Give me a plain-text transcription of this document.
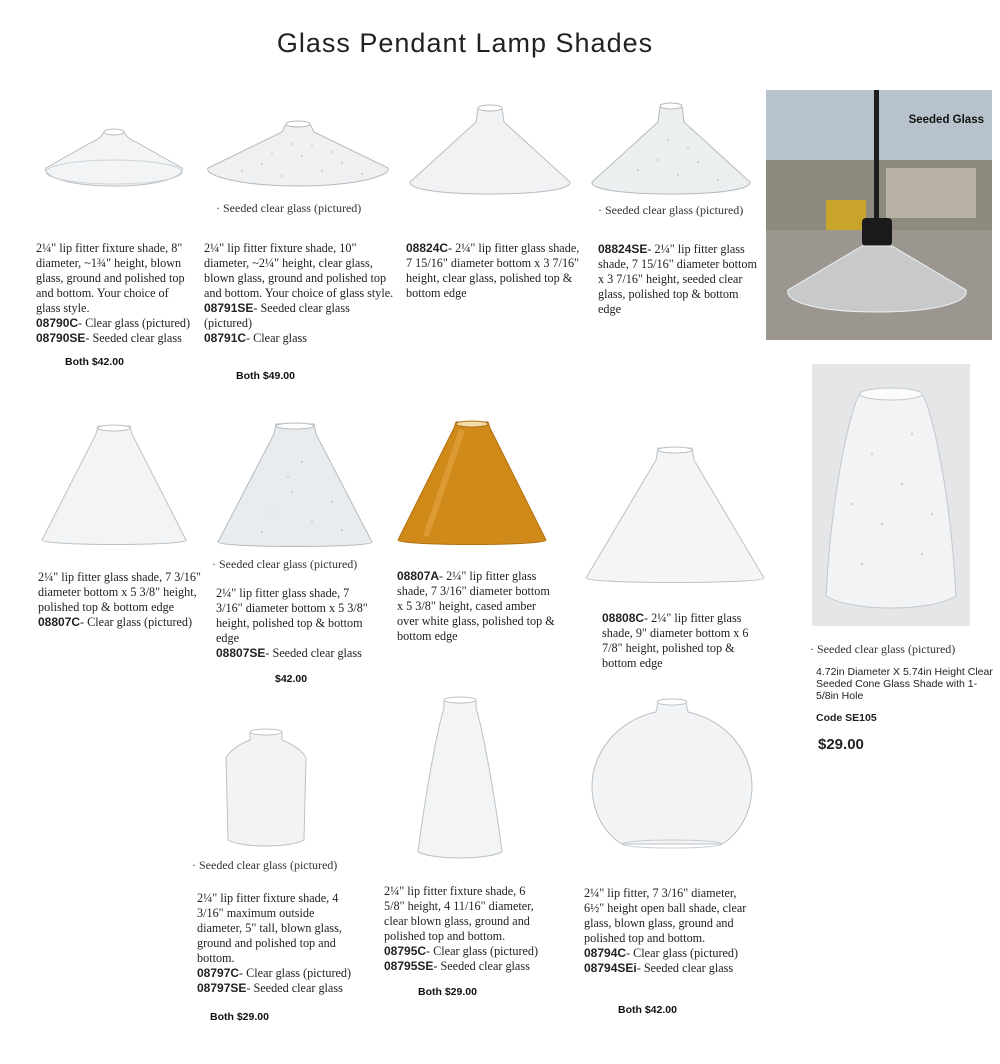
Glass Pendant Lamp Shades
2¼" lip fitter fixture shade, 8" diameter, ~1¾" height, blown glass, ground and polished top and bottom. Your choice of glass style.
08790C- Clear glass (pictured)
08790SE- Seeded clear glass
Both $42.00
· Seeded clear glass (pictured)
2¼" lip fitter fixture shade, 10" diameter, ~2¼" height, clear glass, blown glass, ground and polished top and bottom. Your choice of glass style.
08791SE- Seeded clear glass (pictured)
08791C- Clear glass
Both $49.00
08824C- 2¼" lip fitter glass shade, 7 15/16" diameter bottom x 3 7/16" height, clear glass, polished top & bottom edge
· Seeded clear glass (pictured)
08824SE- 2¼" lip fitter glass shade, 7 15/16" diameter bottom x 3 7/16" height, seeded clear glass, polished top & bottom edge
Seeded Glass
2¼" lip fitter glass shade, 7 3/16" diameter bottom x 5 3/8" height, polished top & bottom edge
08807C- Clear glass (pictured)
· Seeded clear glass (pictured)
2¼" lip fitter glass shade, 7 3/16" diameter bottom x 5 3/8" height, polished top & bottom edge
08807SE- Seeded clear glass
$42.00
08807A- 2¼" lip fitter glass shade, 7 3/16" diameter bottom x 5 3/8" height, cased amber over white glass, polished top & bottom edge
08808C- 2¼" lip fitter glass shade, 9" diameter bottom x 6 7/8" height, polished top & bottom edge
· Seeded clear glass (pictured)
4.72in Diameter X 5.74in Height Clear Seeded Cone Glass Shade with 1-5/8in Hole
Code SE105
$29.00
· Seeded clear glass (pictured)
2¼" lip fitter fixture shade, 4 3/16" maximum outside diameter, 5" tall, blown glass, ground and polished top and bottom.
08797C- Clear glass (pictured)
08797SE- Seeded clear glass
Both $29.00
2¼" lip fitter fixture shade, 6 5/8" height, 4 11/16" diameter, clear blown glass, ground and polished top and bottom.
08795C- Clear glass (pictured)
08795SE- Seeded clear glass
Both $29.00
2¼" lip fitter, 7 3/16" diameter, 6½" height open ball shade, clear glass, blown glass, ground and polished top and bottom.
08794C- Clear glass (pictured)
08794SEi- Seeded clear glass
Both $42.00
